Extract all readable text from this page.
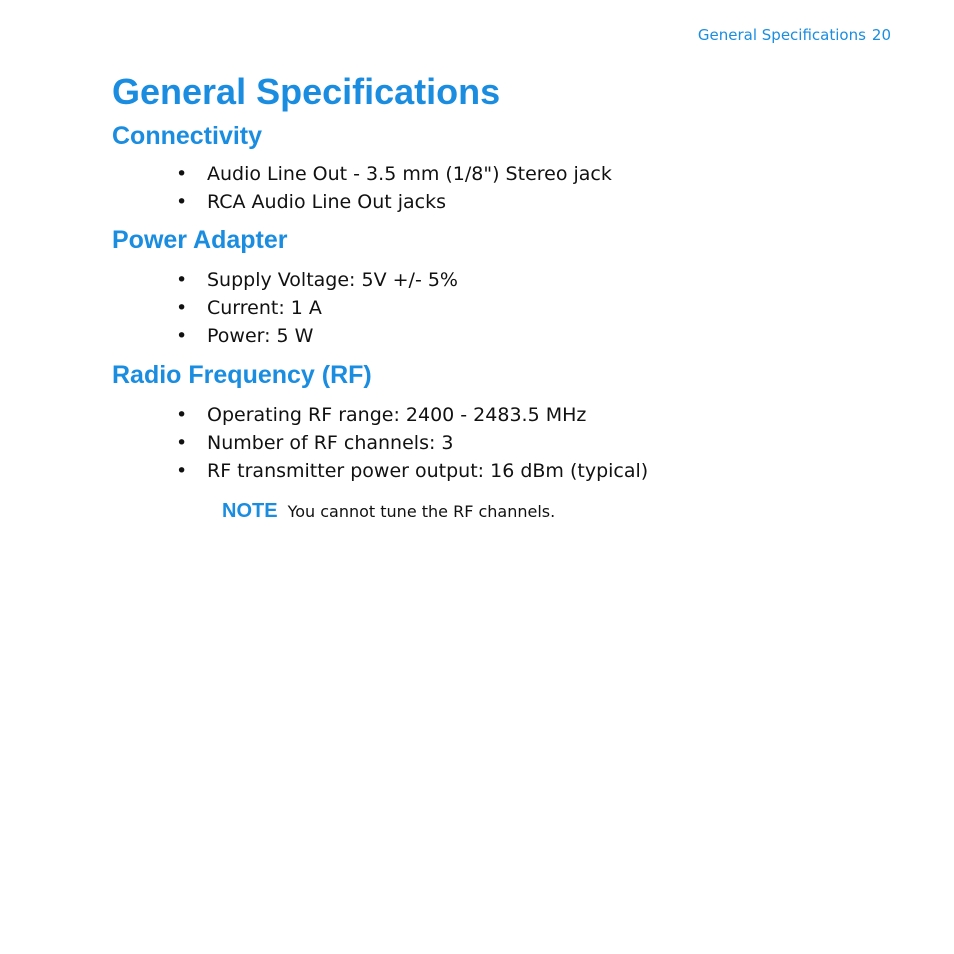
General Specifications 20
General Specifications
Connectivity
• Audio Line Out - 3.5 mm (1/8") Stereo jack
• RCA Audio Line Out jacks
Power Adapter
• Supply Voltage: 5V +/- 5%
• Current: 1 A
• Power: 5 W
Radio Frequency (RF)
• Operating RF range: 2400 - 2483.5 MHz
• Number of RF channels: 3
• RF transmitter power output: 16 dBm (typical)
NOTE You cannot tune the RF channels.
